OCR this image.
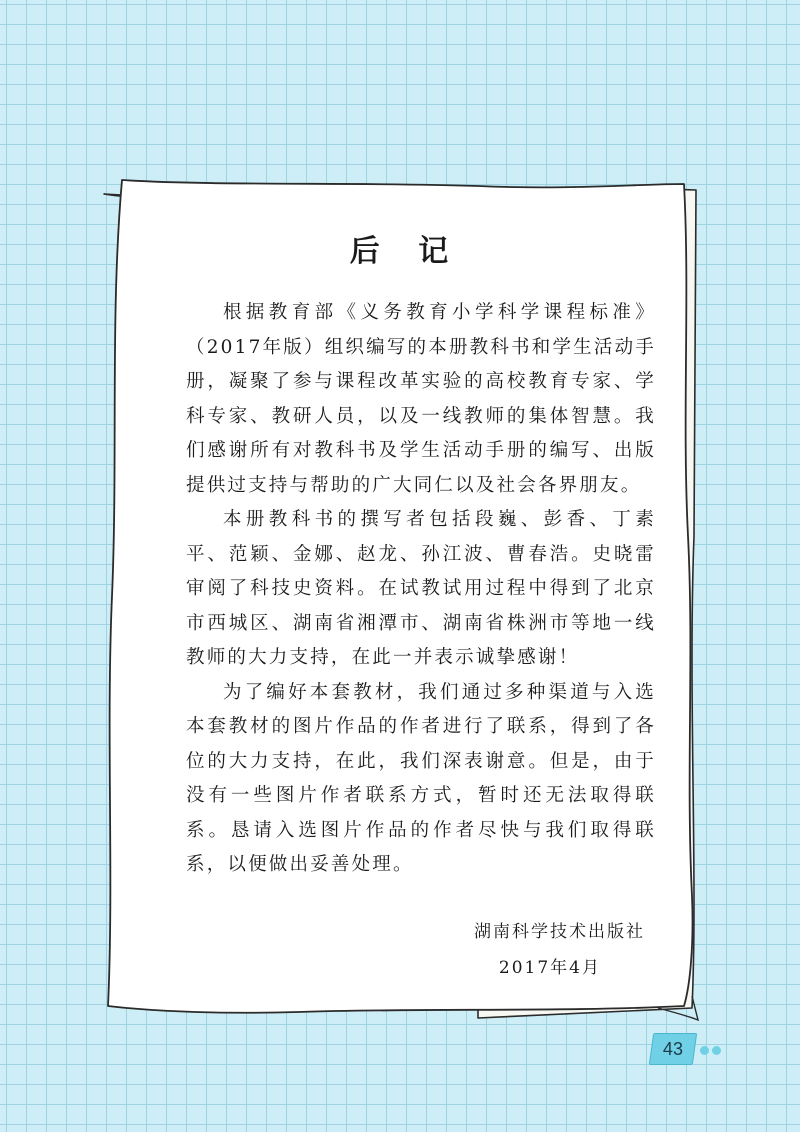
后 记

根据教育部《义务教育小学科学课程标准》（2017年版）组织编写的本册教科书和学生活动手册，凝聚了参与课程改革实验的高校教育专家、学科专家、教研人员，以及一线教师的集体智慧。我们感谢所有对教科书及学生活动手册的编写、出版提供过支持与帮助的广大同仁以及社会各界朋友。

本册教科书的撰写者包括段巍、彭香、丁素平、范颖、金娜、赵龙、孙江波、曹春浩。史晓雷审阅了科技史资料。在试教试用过程中得到了北京市西城区、湖南省湘潭市、湖南省株洲市等地一线教师的大力支持，在此一并表示诚挚感谢！

为了编好本套教材，我们通过多种渠道与入选本套教材的图片作品的作者进行了联系，得到了各位的大力支持，在此，我们深表谢意。但是，由于没有一些图片作者联系方式，暂时还无法取得联系。恳请入选图片作品的作者尽快与我们取得联系，以便做出妥善处理。

湖南科学技术出版社
2017年4月
43
